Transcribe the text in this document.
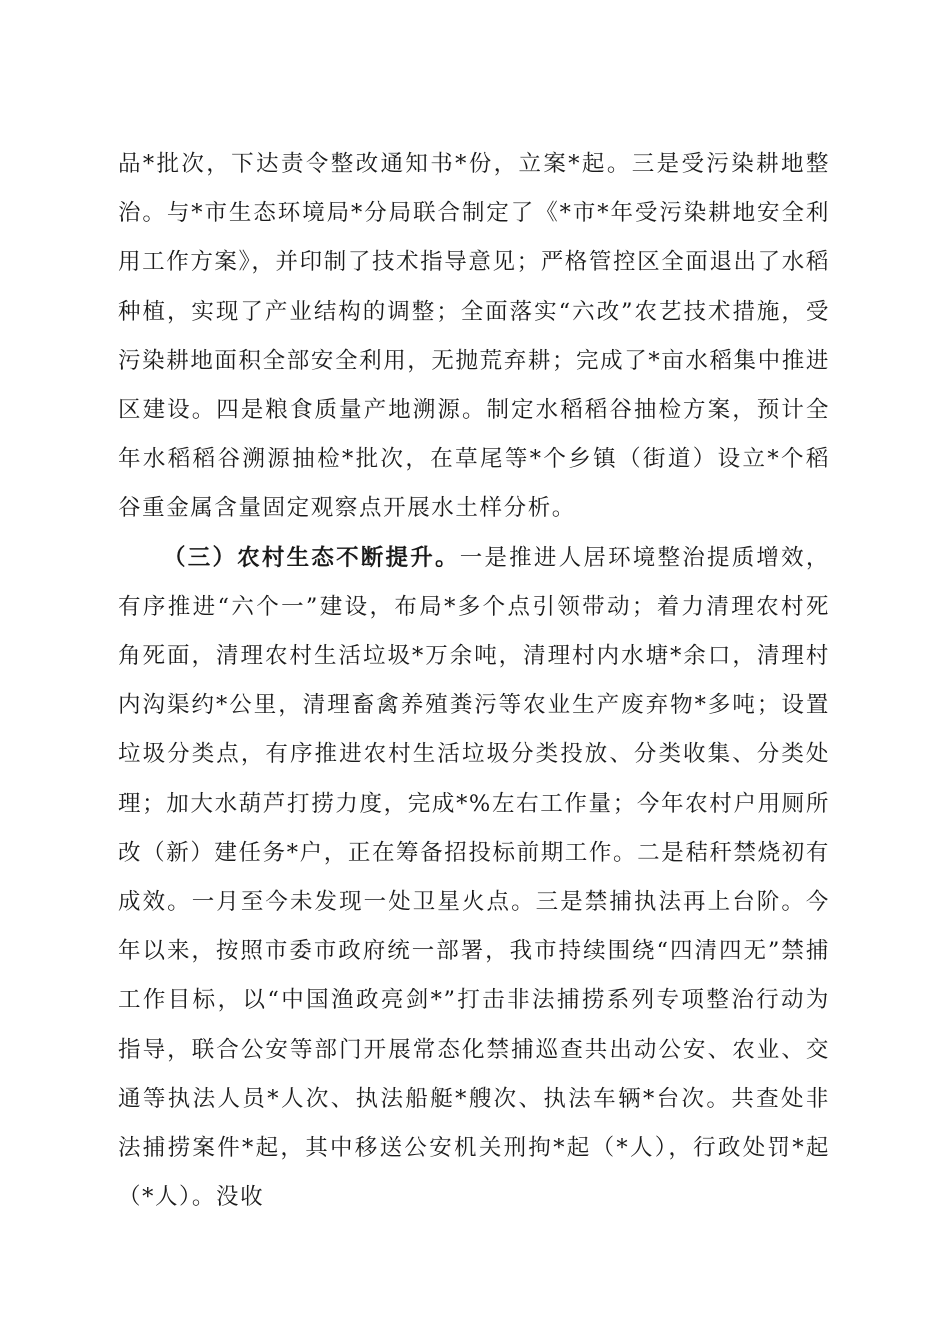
品*批次，下达责令整改通知书*份，立案*起。三是受污染耕地整治。与*市生态环境局*分局联合制定了《*市*年受污染耕地安全利用工作方案》，并印制了技术指导意见；严格管控区全面退出了水稻种植，实现了产业结构的调整；全面落实“六改”农艺技术措施，受污染耕地面积全部安全利用，无抛荒弃耕；完成了*亩水稻集中推进区建设。四是粮食质量产地溯源。制定水稻稻谷抽检方案，预计全年水稻稻谷溯源抽检*批次，在草尾等*个乡镇（街道）设立*个稻谷重金属含量固定观察点开展水土样分析。

（三）农村生态不断提升。一是推进人居环境整治提质增效，有序推进“六个一”建设，布局*多个点引领带动；着力清理农村死角死面，清理农村生活垃圾*万余吨，清理村内水塘*余口，清理村内沟渠约*公里，清理畜禽养殖粪污等农业生产废弃物*多吨；设置垃圾分类点，有序推进农村生活垃圾分类投放、分类收集、分类处理；加大水葫芦打捞力度，完成*%左右工作量；今年农村户用厕所改（新）建任务*户，正在筹备招投标前期工作。二是秸秆禁烧初有成效。一月至今未发现一处卫星火点。三是禁捕执法再上台阶。今年以来，按照市委市政府统一部署，我市持续围绕“四清四无”禁捕工作目标，以“中国渔政亮剑*”打击非法捕捞系列专项整治行动为指导，联合公安等部门开展常态化禁捕巡查共出动公安、农业、交通等执法人员*人次、执法船艇*艘次、执法车辆*台次。共查处非法捕捞案件*起，其中移送公安机关刑拘*起（*人），行政处罚*起（*人）。没收
